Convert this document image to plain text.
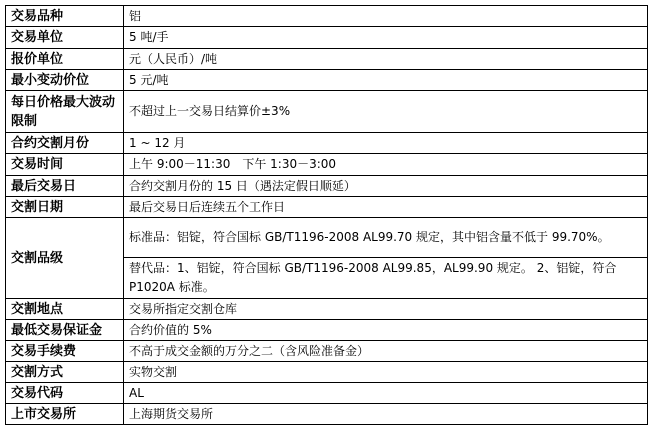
交易品种	铝
交易单位	5 吨/手
报价单位	元（人民币）/吨
最小变动价位	5 元/吨
每日价格最大波动限制	不超过上一交易日结算价±3%
合约交割月份	1 ~ 12 月
交易时间	上午 9:00－11:30　下午 1:30－3:00
最后交易日	合约交割月份的 15 日（遇法定假日顺延）
交割日期	最后交易日后连续五个工作日
交割品级	标准品：铝锭，符合国标 GB/T1196-2008 AL99.70 规定，其中铝含量不低于 99.70%。
	替代品：1、铝锭，符合国标 GB/T1196-2008 AL99.85，AL99.90 规定。 2、铝锭，符合 P1020A 标准。
交割地点	交易所指定交割仓库
最低交易保证金	合约价值的 5%
交易手续费	不高于成交金额的万分之二（含风险准备金）
交割方式	实物交割
交易代码	AL
上市交易所	上海期货交易所
